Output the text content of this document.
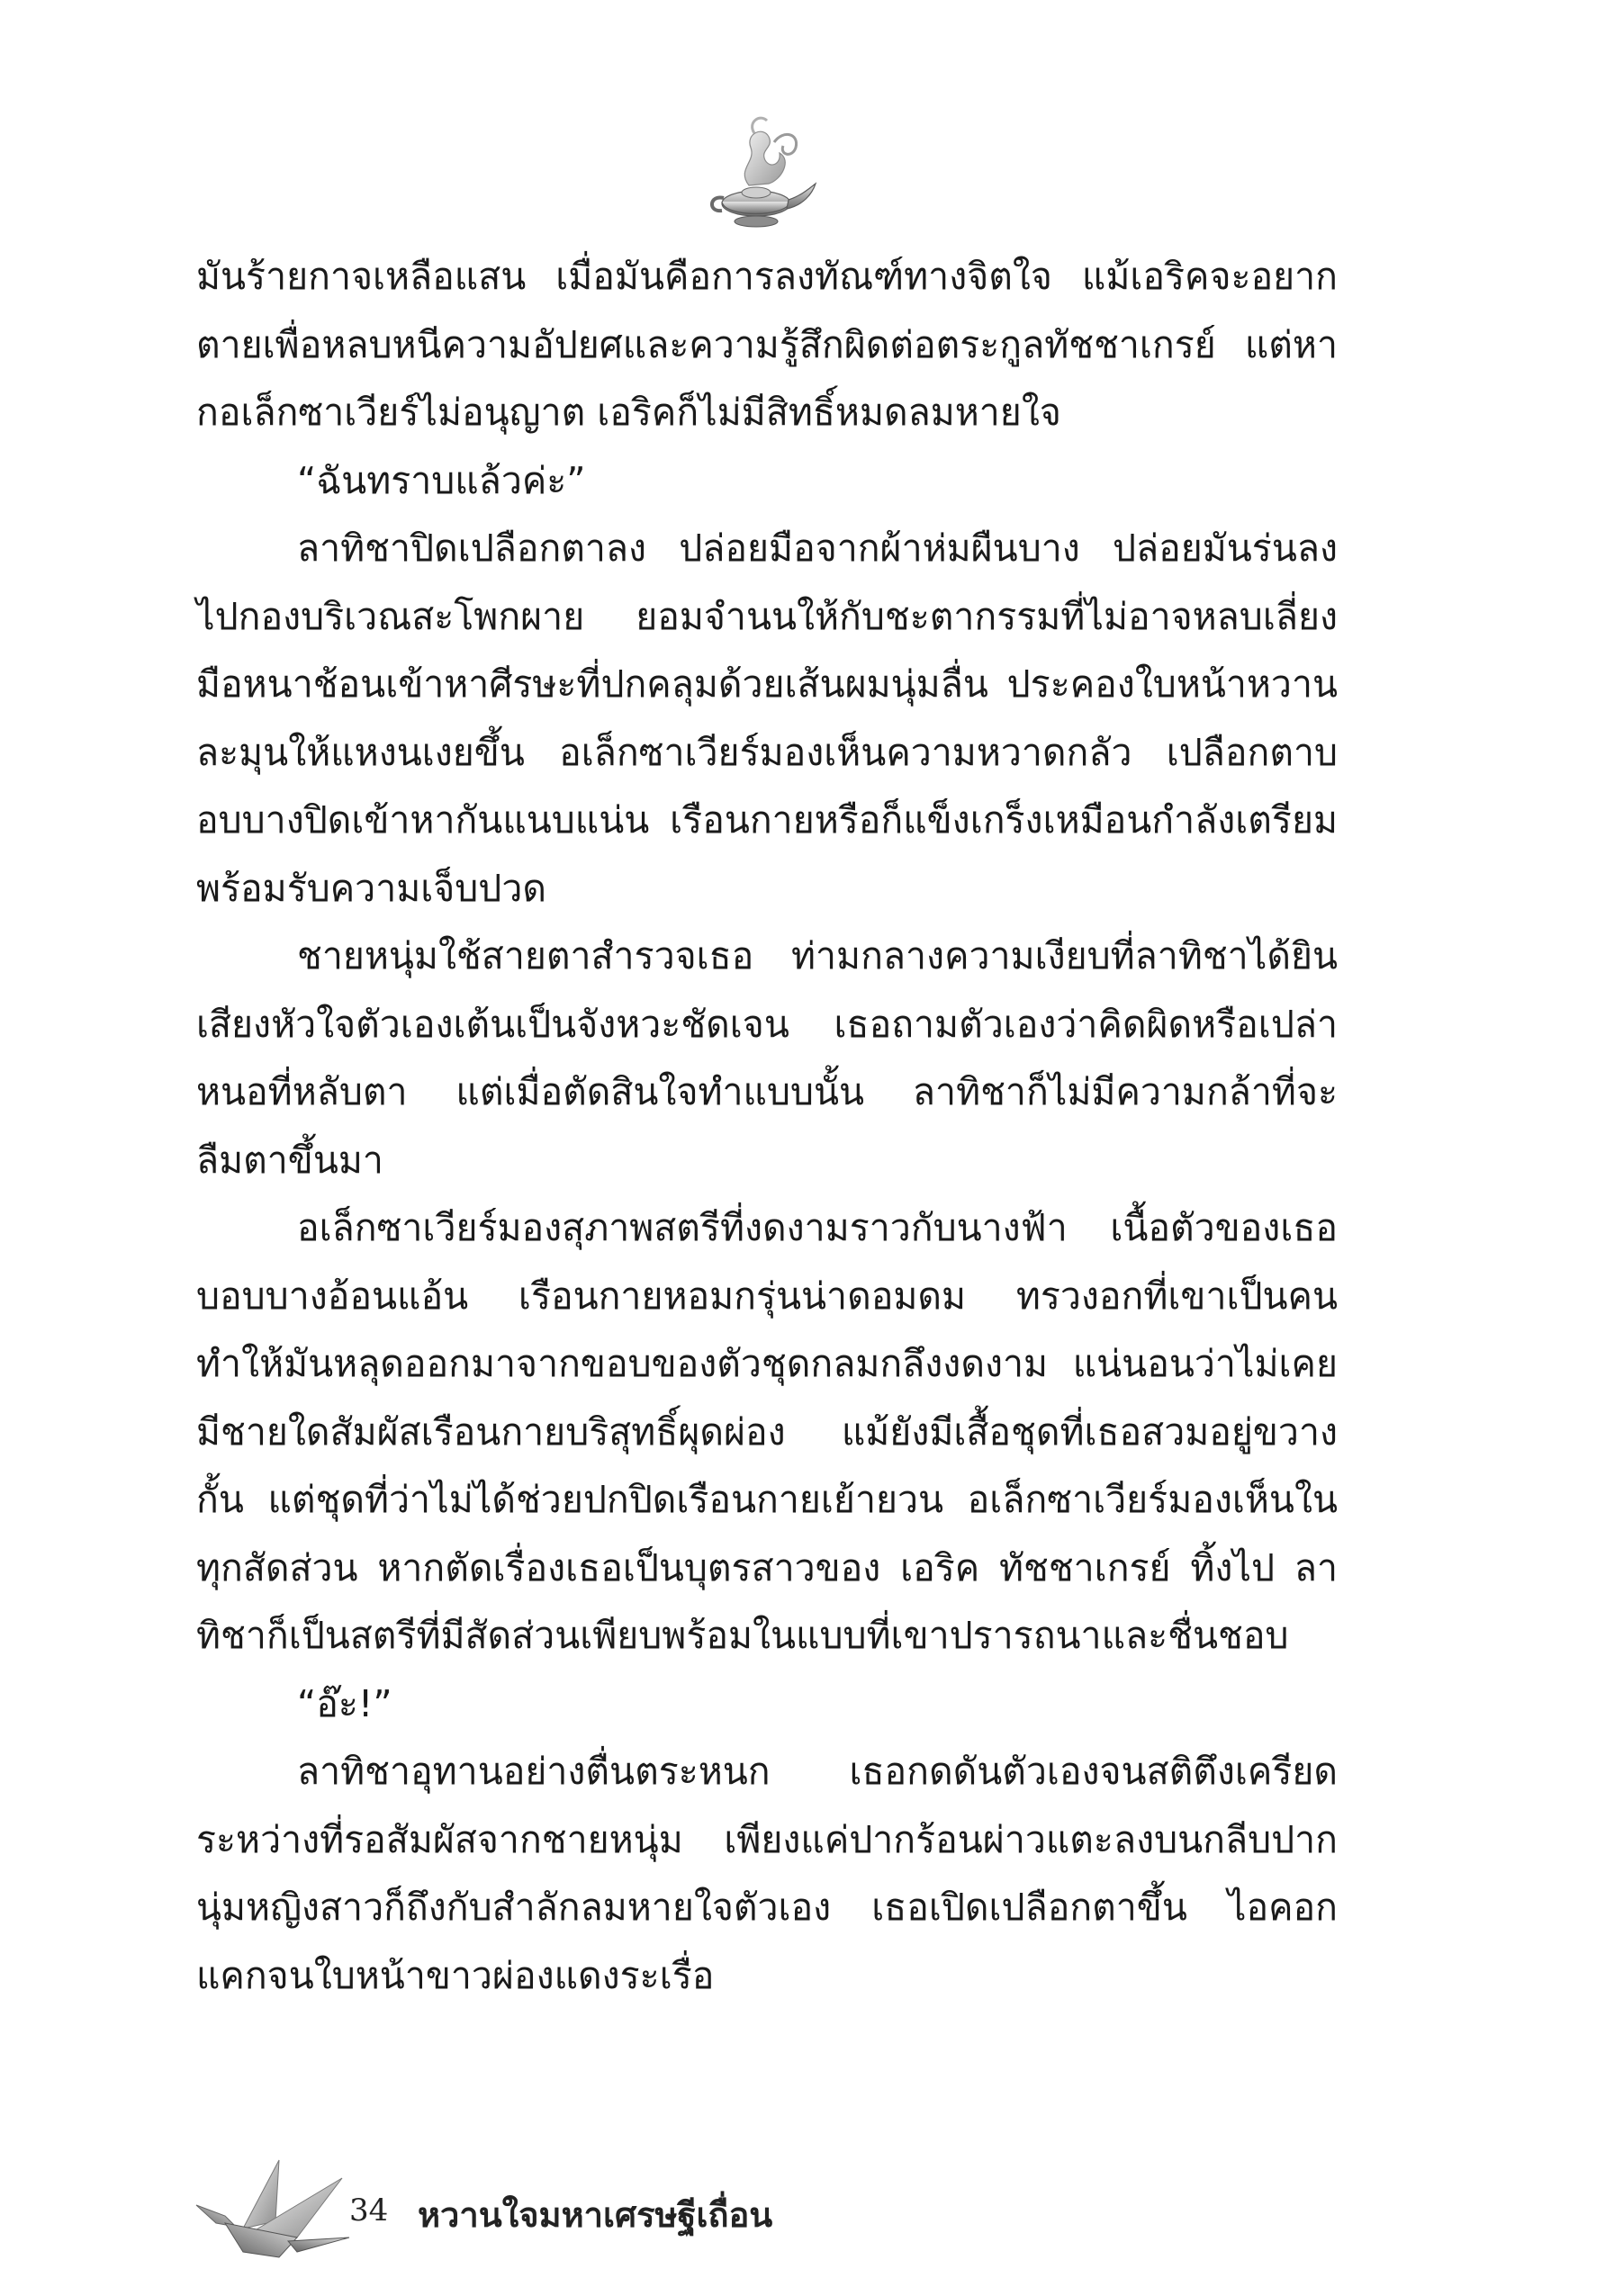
มันร้ายกาจเหลือแสน เมื่อมันคือการลงทัณฑ์ทางจิตใจ แม้เอริคจะอยากตายเพื่อหลบหนีความอัปยศและความรู้สึกผิดต่อตระกูลทัชชาเกรย์ แต่หากอเล็กซาเวียร์ไม่อนุญาต เอริคก็ไม่มีสิทธิ์หมดลมหายใจ

“ฉันทราบแล้วค่ะ”

ลาทิชาปิดเปลือกตาลง ปล่อยมือจากผ้าห่มผืนบาง ปล่อยมันร่นลงไปกองบริเวณสะโพกผาย ยอมจำนนให้กับชะตากรรมที่ไม่อาจหลบเลี่ยง มือหนาช้อนเข้าหาศีรษะที่ปกคลุมด้วยเส้นผมนุ่มลื่น ประคองใบหน้าหวานละมุนให้แหงนเงยขึ้น อเล็กซาเวียร์มองเห็นความหวาดกลัว เปลือกตาบอบบางปิดเข้าหากันแนบแน่น เรือนกายหรือก็แข็งเกร็งเหมือนกำลังเตรียมพร้อมรับความเจ็บปวด

ชายหนุ่มใช้สายตาสำรวจเธอ ท่ามกลางความเงียบที่ลาทิชาได้ยินเสียงหัวใจตัวเองเต้นเป็นจังหวะชัดเจน เธอถามตัวเองว่าคิดผิดหรือเปล่าหนอที่หลับตา แต่เมื่อตัดสินใจทำแบบนั้น ลาทิชาก็ไม่มีความกล้าที่จะลืมตาขึ้นมา

อเล็กซาเวียร์มองสุภาพสตรีที่งดงามราวกับนางฟ้า เนื้อตัวของเธอบอบบางอ้อนแอ้น เรือนกายหอมกรุ่นน่าดอมดม ทรวงอกที่เขาเป็นคนทำให้มันหลุดออกมาจากขอบของตัวชุดกลมกลึงงดงาม แน่นอนว่าไม่เคยมีชายใดสัมผัสเรือนกายบริสุทธิ์ผุดผ่อง แม้ยังมีเสื้อชุดที่เธอสวมอยู่ขวางกั้น แต่ชุดที่ว่าไม่ได้ช่วยปกปิดเรือนกายเย้ายวน อเล็กซาเวียร์มองเห็นในทุกสัดส่วน หากตัดเรื่องเธอเป็นบุตรสาวของ เอริค ทัชชาเกรย์ ทิ้งไป ลาทิชาก็เป็นสตรีที่มีสัดส่วนเพียบพร้อมในแบบที่เขาปรารถนาและชื่นชอบ

“อ๊ะ!”

ลาทิชาอุทานอย่างตื่นตระหนก เธอกดดันตัวเองจนสติตึงเครียดระหว่างที่รอสัมผัสจากชายหนุ่ม เพียงแค่ปากร้อนผ่าวแตะลงบนกลีบปากนุ่มหญิงสาวก็ถึงกับสำลักลมหายใจตัวเอง เธอเปิดเปลือกตาขึ้น ไอคอกแคกจนใบหน้าขาวผ่องแดงระเรื่อ

34 หวานใจมหาเศรษฐีเถื่อน
